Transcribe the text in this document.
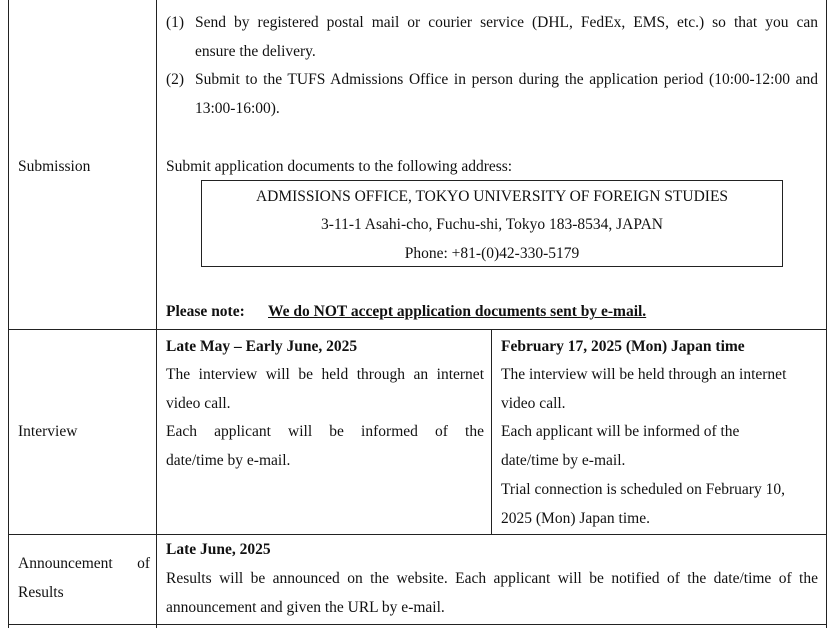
Submission
(1) Send by registered postal mail or courier service (DHL, FedEx, EMS, etc.) so that you can
ensure the delivery.
(2) Submit to the TUFS Admissions Office in person during the application period (10:00-12:00 and
13:00-16:00).
Submit application documents to the following address:
ADMISSIONS OFFICE, TOKYO UNIVERSITY OF FOREIGN STUDIES
3-11-1 Asahi-cho, Fuchu-shi, Tokyo 183-8534, JAPAN
Phone: +81-(0)42-330-5179
Please note: We do NOT accept application documents sent by e-mail.
Interview
Late May – Early June, 2025
The interview will be held through an internet
video call.
Each applicant will be informed of the
date/time by e-mail.
February 17, 2025 (Mon) Japan time
The interview will be held through an internet
video call.
Each applicant will be informed of the
date/time by e-mail.
Trial connection is scheduled on February 10,
2025 (Mon) Japan time.
Announcement of
Results
Late June, 2025
Results will be announced on the website. Each applicant will be notified of the date/time of the
announcement and given the URL by e-mail.
